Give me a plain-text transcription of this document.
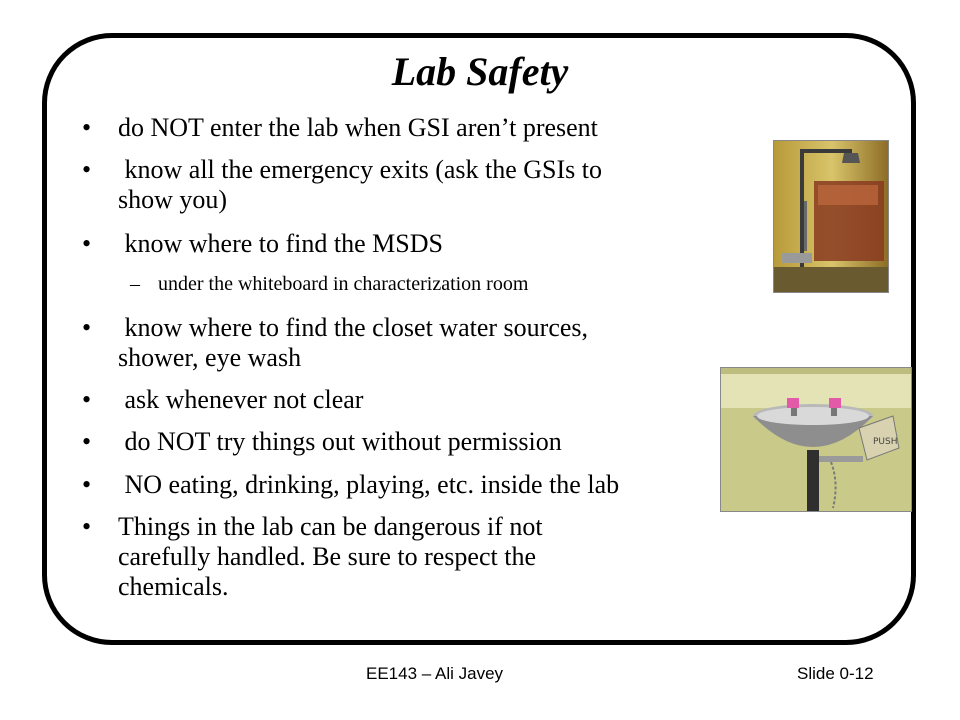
Lab Safety
• do NOT enter the lab when GSI aren’t present
• know all the emergency exits (ask the GSIs to
show you)
• know where to find the MSDS
– under the whiteboard in characterization room
• know where to find the closet water sources,
shower, eye wash
• ask whenever not clear
• do NOT try things out without permission
• NO eating, drinking, playing, etc. inside the lab
• Things in the lab can be dangerous if not
carefully handled. Be sure to respect the
chemicals.
PUSH
EE143 – Ali Javey	Slide 0-12
